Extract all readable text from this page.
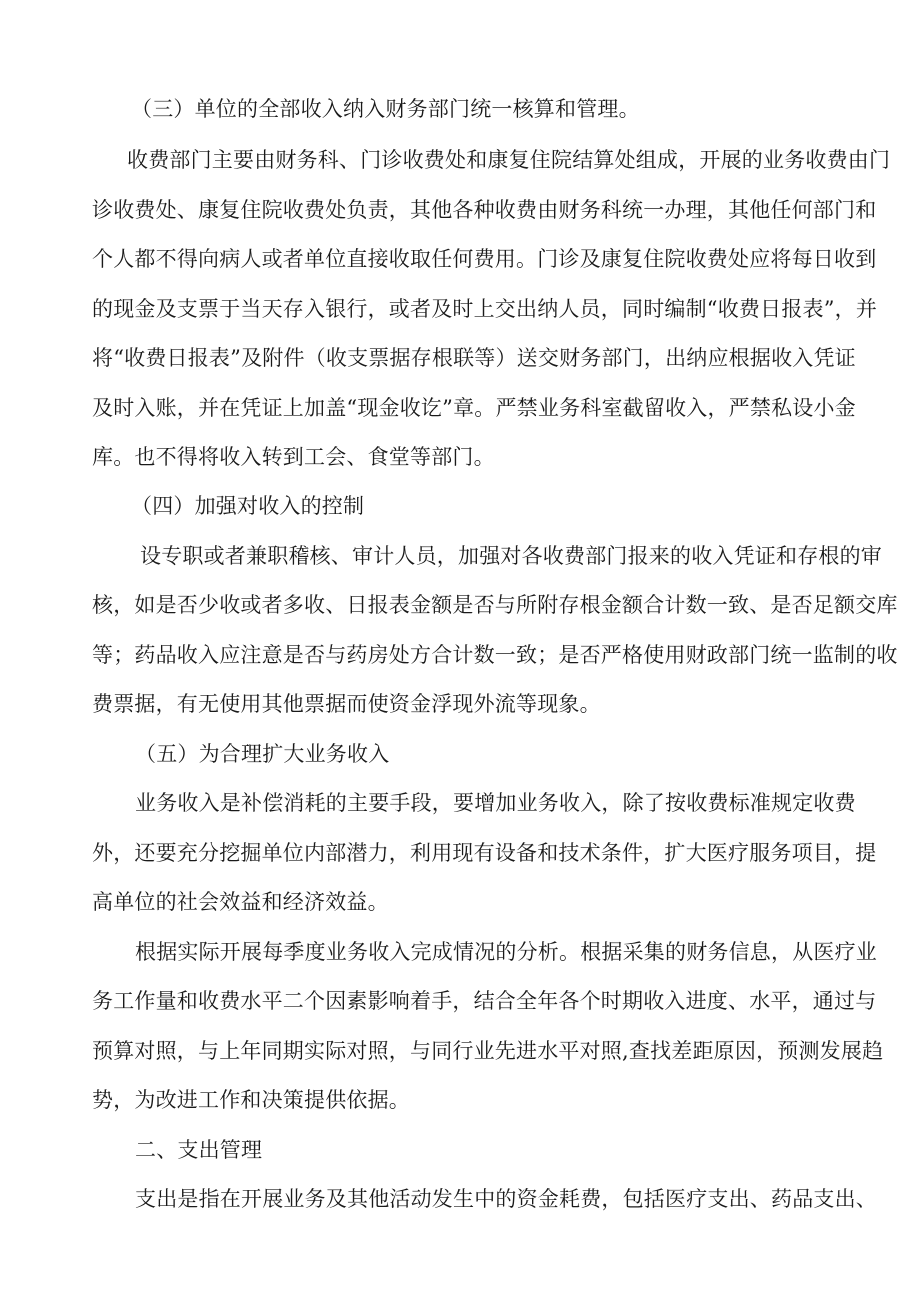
（三）单位的全部收入纳入财务部门统一核算和管理。
收费部门主要由财务科、门诊收费处和康复住院结算处组成，开展的业务收费由门
诊收费处、康复住院收费处负责，其他各种收费由财务科统一办理，其他任何部门和
个人都不得向病人或者单位直接收取任何费用。门诊及康复住院收费处应将每日收到
的现金及支票于当天存入银行，或者及时上交出纳人员，同时编制“收费日报表”，并
将“收费日报表”及附件（收支票据存根联等）送交财务部门，出纳应根据收入凭证
及时入账，并在凭证上加盖“现金收讫”章。严禁业务科室截留收入，严禁私设小金
库。也不得将收入转到工会、食堂等部门。
（四）加强对收入的控制
设专职或者兼职稽核、审计人员，加强对各收费部门报来的收入凭证和存根的审
核，如是否少收或者多收、日报表金额是否与所附存根金额合计数一致、是否足额交库
等；药品收入应注意是否与药房处方合计数一致；是否严格使用财政部门统一监制的收
费票据，有无使用其他票据而使资金浮现外流等现象。
（五）为合理扩大业务收入
业务收入是补偿消耗的主要手段，要增加业务收入，除了按收费标准规定收费
外，还要充分挖掘单位内部潜力，利用现有设备和技术条件，扩大医疗服务项目，提
高单位的社会效益和经济效益。
根据实际开展每季度业务收入完成情况的分析。根据采集的财务信息，从医疗业
务工作量和收费水平二个因素影响着手，结合全年各个时期收入进度、水平，通过与
预算对照，与上年同期实际对照，与同行业先进水平对照,查找差距原因，预测发展趋
势，为改进工作和决策提供依据。
二、支出管理
支出是指在开展业务及其他活动发生中的资金耗费，包括医疗支出、药品支出、
